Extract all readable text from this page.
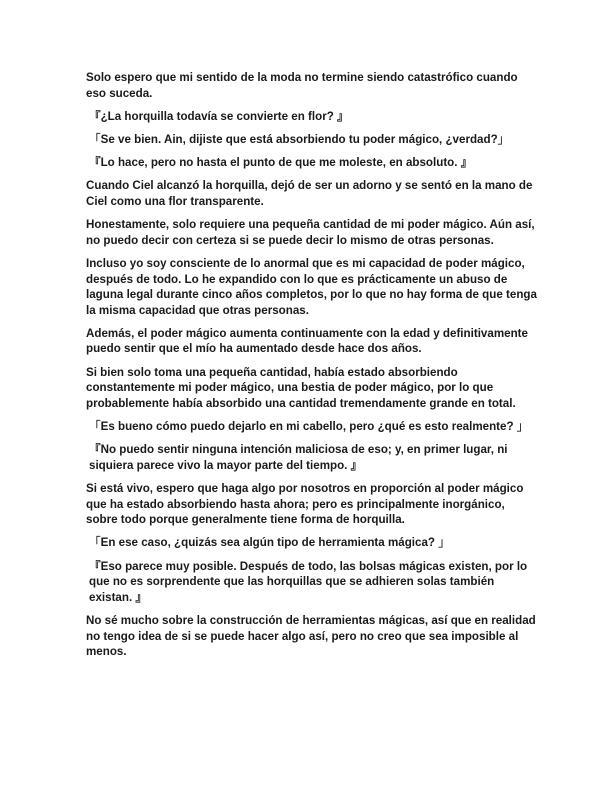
Solo espero que mi sentido de la moda no termine siendo catastrófico cuando eso suceda.

『¿La horquilla todavía se convierte en flor? 』

「Se ve bien. Ain, dijiste que está absorbiendo tu poder mágico, ¿verdad?」

『Lo hace, pero no hasta el punto de que me moleste, en absoluto. 』

Cuando Ciel alcanzó la horquilla, dejó de ser un adorno y se sentó en la mano de Ciel como una flor transparente.

Honestamente, solo requiere una pequeña cantidad de mi poder mágico. Aún así, no puedo decir con certeza si se puede decir lo mismo de otras personas.

Incluso yo soy consciente de lo anormal que es mi capacidad de poder mágico, después de todo. Lo he expandido con lo que es prácticamente un abuso de laguna legal durante cinco años completos, por lo que no hay forma de que tenga la misma capacidad que otras personas.

Además, el poder mágico aumenta continuamente con la edad y definitivamente puedo sentir que el mío ha aumentado desde hace dos años.

Si bien solo toma una pequeña cantidad, había estado absorbiendo constantemente mi poder mágico, una bestia de poder mágico, por lo que probablemente había absorbido una cantidad tremendamente grande en total.

「Es bueno cómo puedo dejarlo en mi cabello, pero ¿qué es esto realmente? 」

『No puedo sentir ninguna intención maliciosa de eso; y, en primer lugar, ni siquiera parece vivo la mayor parte del tiempo. 』

Si está vivo, espero que haga algo por nosotros en proporción al poder mágico que ha estado absorbiendo hasta ahora; pero es principalmente inorgánico, sobre todo porque generalmente tiene forma de horquilla.

「En ese caso, ¿quizás sea algún tipo de herramienta mágica? 」

『Eso parece muy posible. Después de todo, las bolsas mágicas existen, por lo que no es sorprendente que las horquillas que se adhieren solas también existan. 』

No sé mucho sobre la construcción de herramientas mágicas, así que en realidad no tengo idea de si se puede hacer algo así, pero no creo que sea imposible al menos.
